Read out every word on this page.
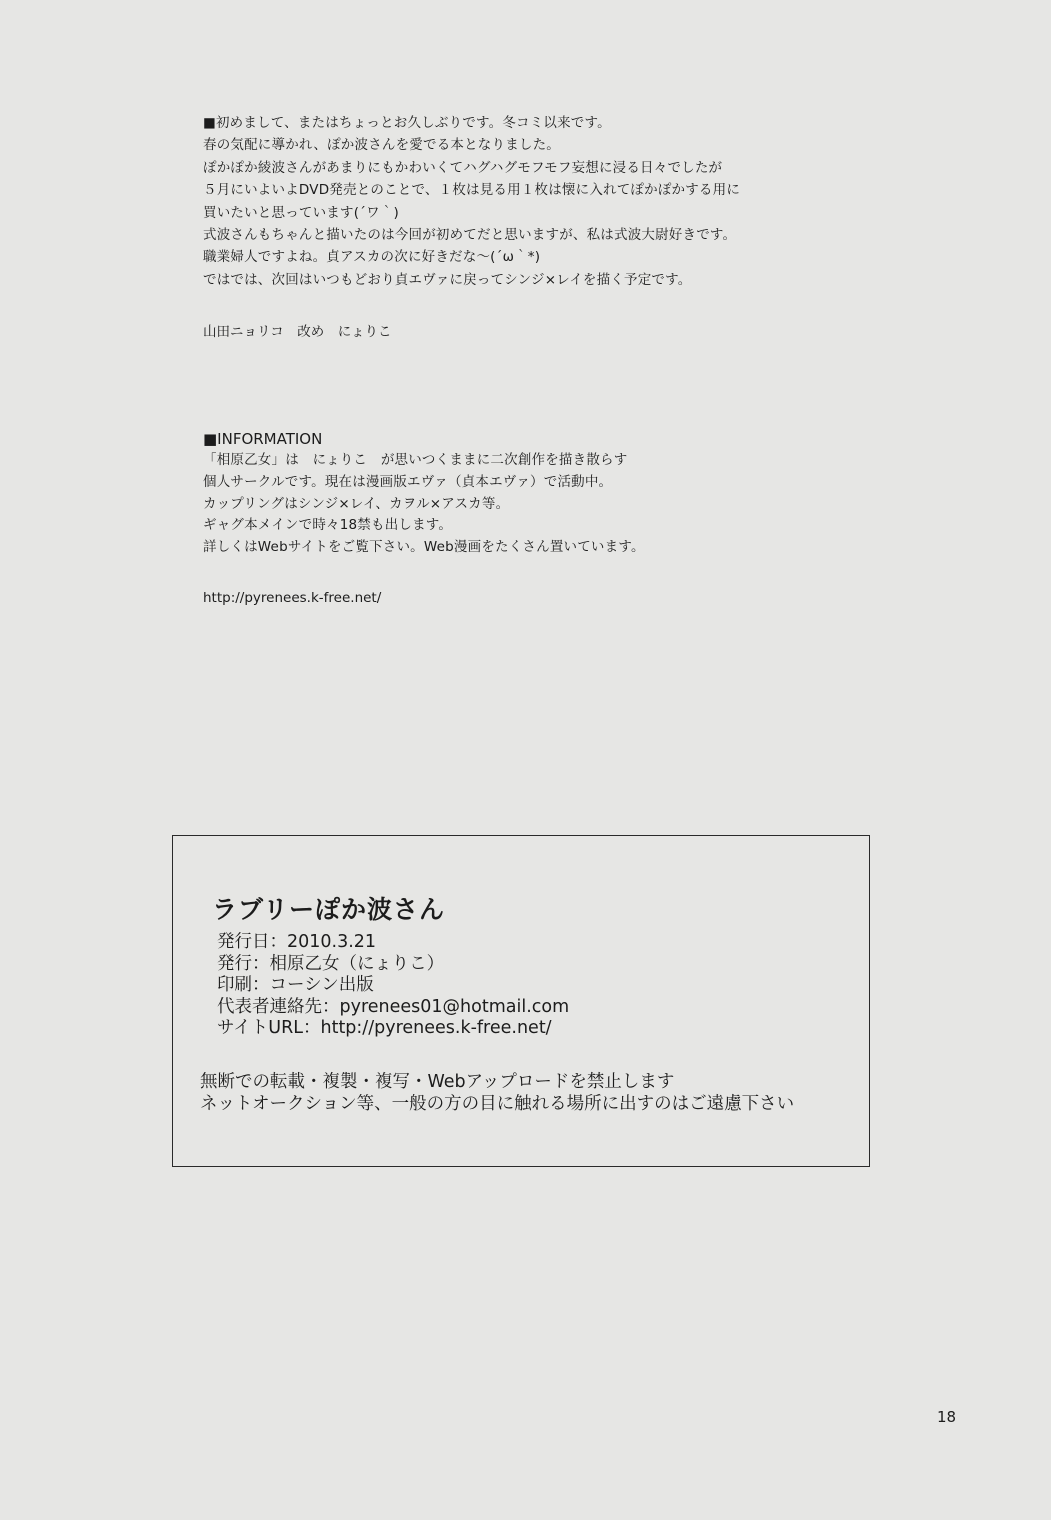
■初めまして、またはちょっとお久しぶりです。冬コミ以来です。
春の気配に導かれ、ぽか波さんを愛でる本となりました。
ぽかぽか綾波さんがあまりにもかわいくてハグハグモフモフ妄想に浸る日々でしたが
５月にいよいよDVD発売とのことで、１枚は見る用１枚は懐に入れてぽかぽかする用に
買いたいと思っています(´ワ｀)
式波さんもちゃんと描いたのは今回が初めてだと思いますが、私は式波大尉好きです。
職業婦人ですよね。貞アスカの次に好きだな〜(´ω｀*)
ではでは、次回はいつもどおり貞エヴァに戻ってシンジ×レイを描く予定です。
山田ニョリコ　改め　にょりこ
■INFORMATION
「相原乙女」は　にょりこ　が思いつくままに二次創作を描き散らす
個人サークルです。現在は漫画版エヴァ（貞本エヴァ）で活動中。
カップリングはシンジ×レイ、カヲル×アスカ等。
ギャグ本メインで時々18禁も出します。
詳しくはWebサイトをご覧下さい。Web漫画をたくさん置いています。
http://pyrenees.k-free.net/
ラブリーぽか波さん
発行日：2010.3.21
発行：相原乙女（にょりこ）
印刷：コーシン出版
代表者連絡先：pyrenees01@hotmail.com
サイトURL：http://pyrenees.k-free.net/
無断での転載・複製・複写・Webアップロードを禁止します
ネットオークション等、一般の方の目に触れる場所に出すのはご遠慮下さい
18
